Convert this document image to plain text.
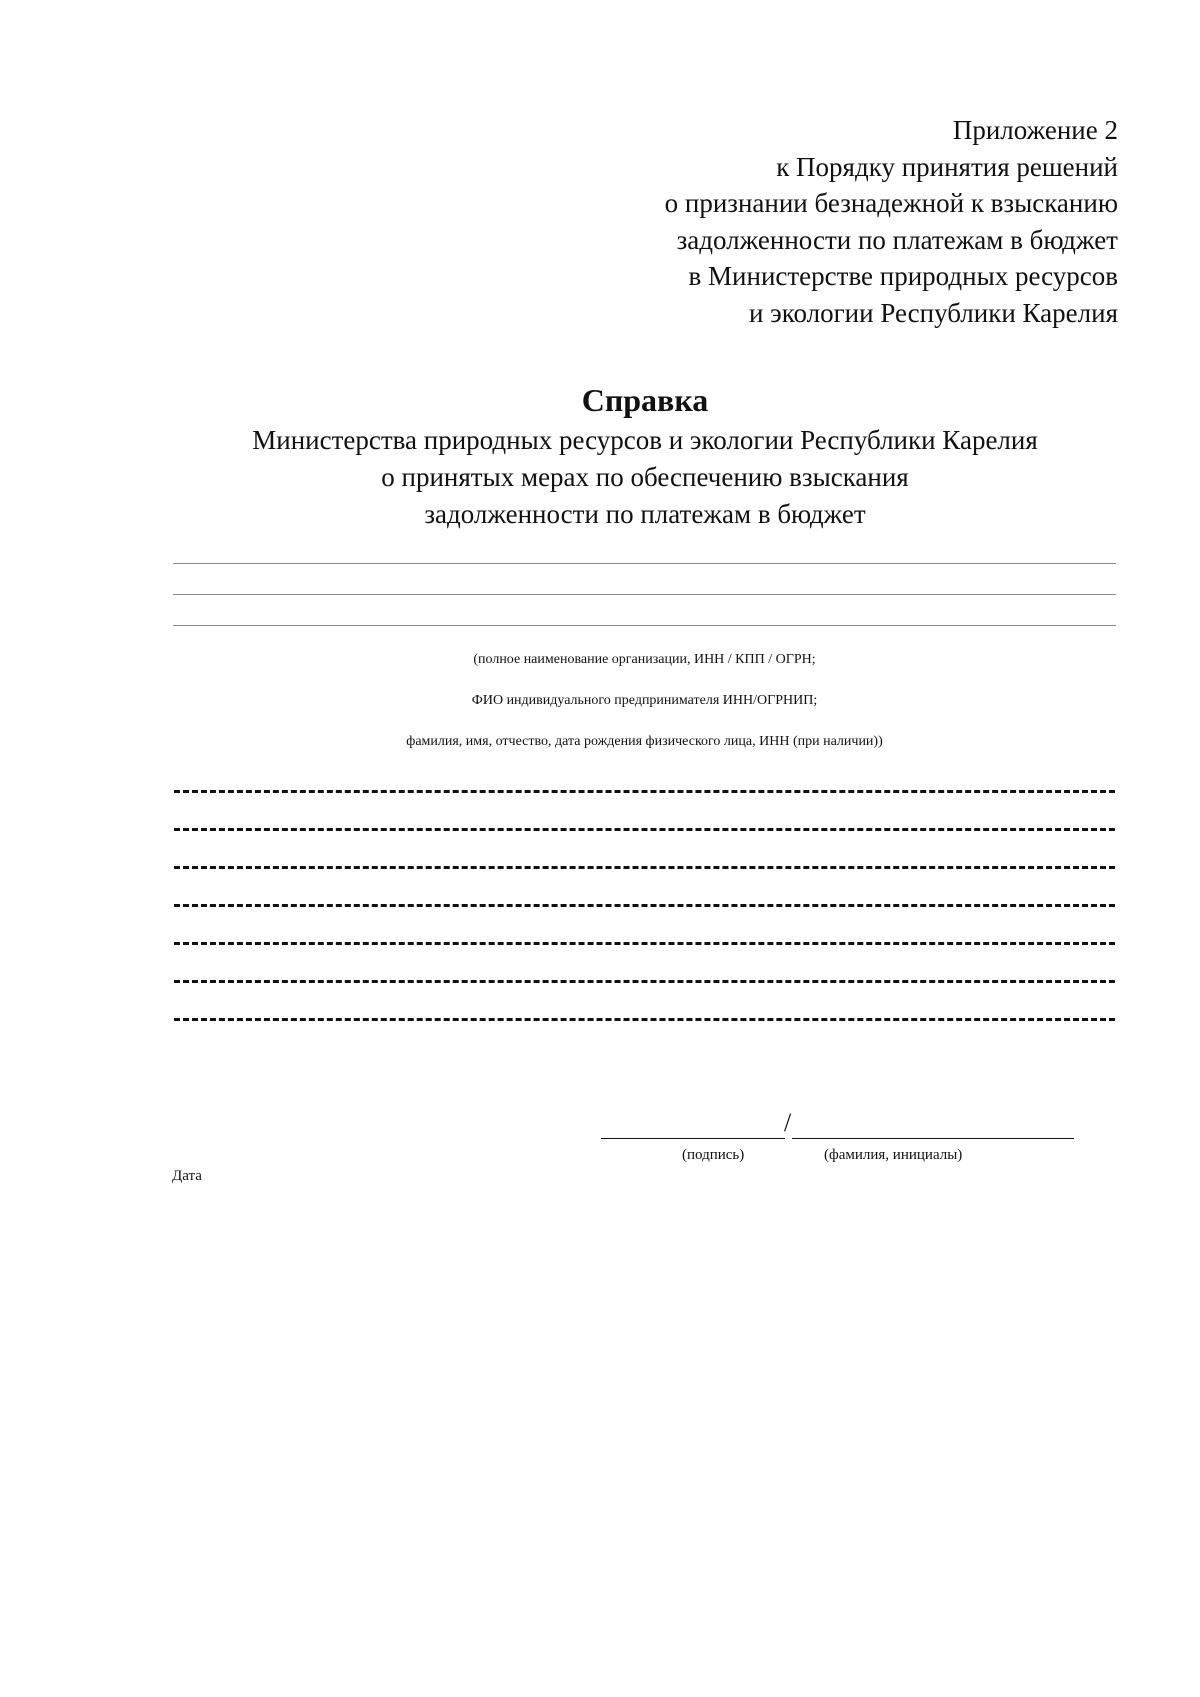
Приложение 2
к Порядку принятия решений
о признании безнадежной к взысканию
задолженности по платежам в бюджет
в Министерстве природных ресурсов
и экологии Республики Карелия
Справка
Министерства природных ресурсов и экологии Республики Карелия
о принятых мерах по обеспечению взыскания
задолженности по платежам в бюджет
(полное наименование организации, ИНН / КПП / ОГРН;
ФИО индивидуального предпринимателя ИНН/ОГРНИП;
фамилия, имя, отчество, дата рождения физического лица, ИНН (при наличии))
/
(подпись)	(фамилия, инициалы)
Дата
